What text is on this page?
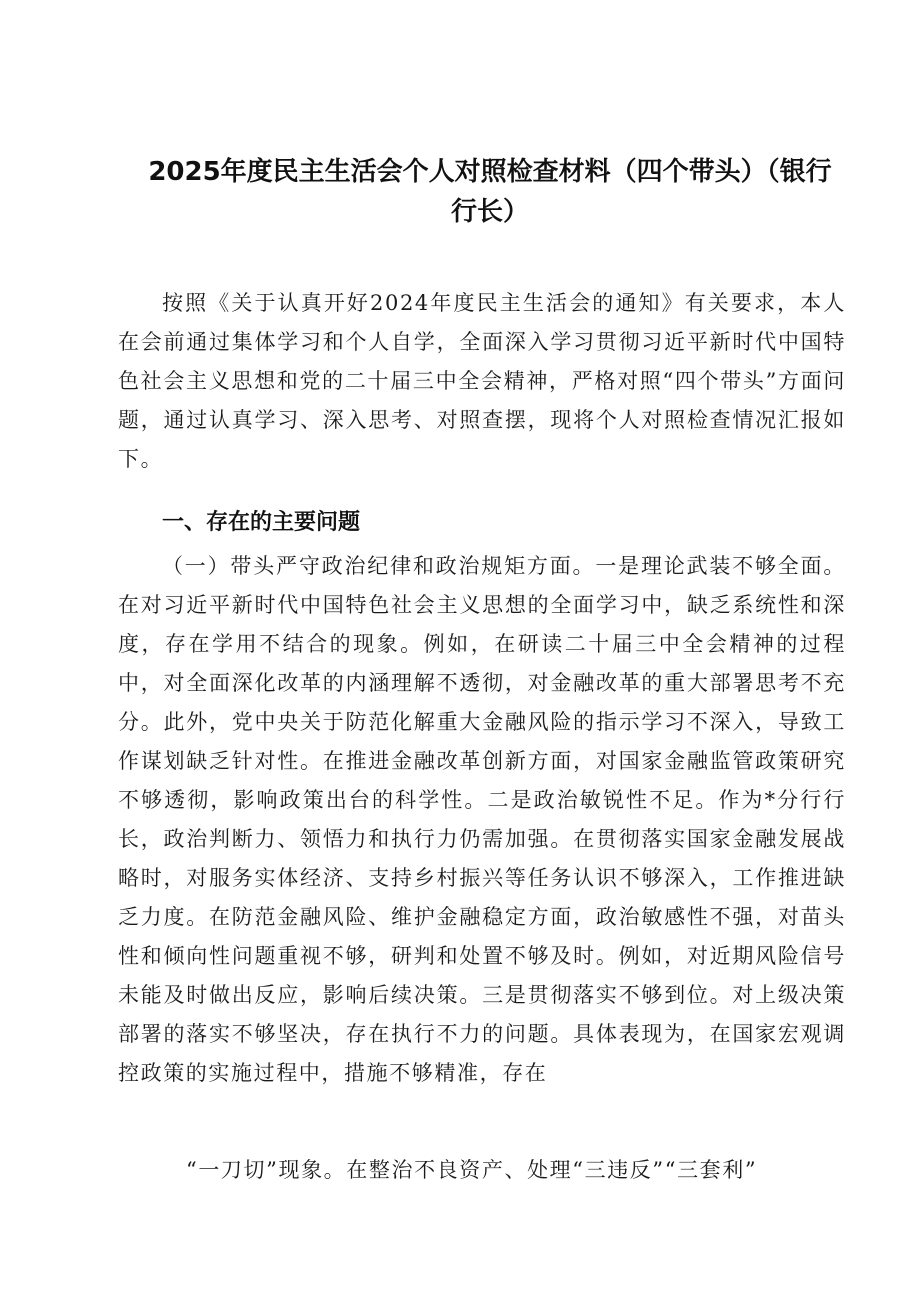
2025年度民主生活会个人对照检查材料（四个带头）（银行行长）

按照《关于认真开好2024年度民主生活会的通知》有关要求，本人在会前通过集体学习和个人自学，全面深入学习贯彻习近平新时代中国特色社会主义思想和党的二十届三中全会精神，严格对照“四个带头”方面问题，通过认真学习、深入思考、对照查摆，现将个人对照检查情况汇报如下。

一、存在的主要问题

（一）带头严守政治纪律和政治规矩方面。一是理论武装不够全面。在对习近平新时代中国特色社会主义思想的全面学习中，缺乏系统性和深度，存在学用不结合的现象。例如，在研读二十届三中全会精神的过程中，对全面深化改革的内涵理解不透彻，对金融改革的重大部署思考不充分。此外，党中央关于防范化解重大金融风险的指示学习不深入，导致工作谋划缺乏针对性。在推进金融改革创新方面，对国家金融监管政策研究不够透彻，影响政策出台的科学性。二是政治敏锐性不足。作为*分行行长，政治判断力、领悟力和执行力仍需加强。在贯彻落实国家金融发展战略时，对服务实体经济、支持乡村振兴等任务认识不够深入，工作推进缺乏力度。在防范金融风险、维护金融稳定方面，政治敏感性不强，对苗头性和倾向性问题重视不够，研判和处置不够及时。例如，对近期风险信号未能及时做出反应，影响后续决策。三是贯彻落实不够到位。对上级决策部署的落实不够坚决，存在执行不力的问题。具体表现为，在国家宏观调控政策的实施过程中，措施不够精准，存在

“一刀切”现象。在整治不良资产、处理“三违反”“三套利”
